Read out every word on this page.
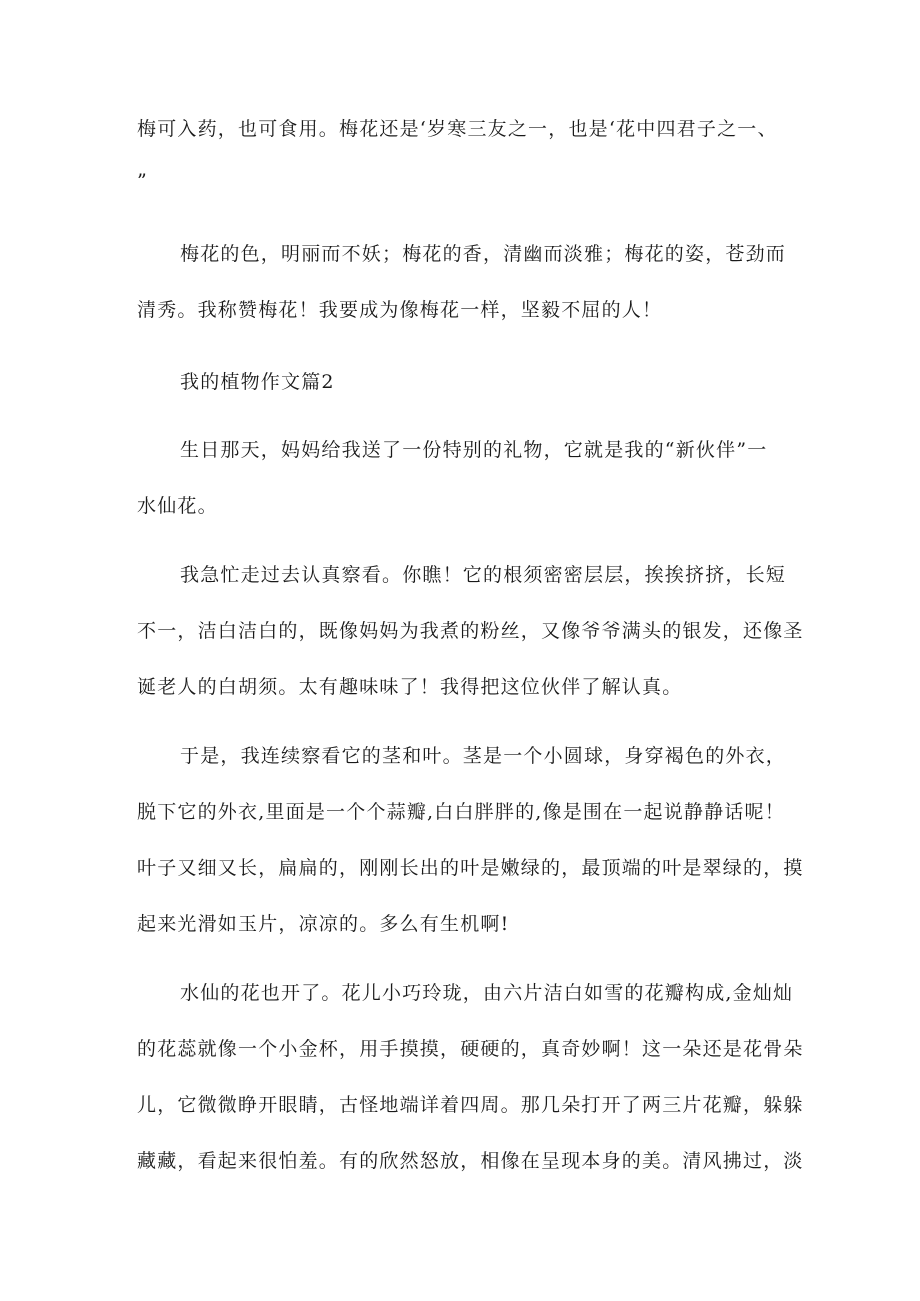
梅可入药，也可食用。梅花还是‘岁寒三友之一，也是‘花中四君子之一、
”
梅花的色，明丽而不妖；梅花的香，清幽而淡雅；梅花的姿，苍劲而
清秀。我称赞梅花！我要成为像梅花一样，坚毅不屈的人！
我的植物作文篇2
生日那天，妈妈给我送了一份特别的礼物，它就是我的“新伙伴”一
水仙花。
我急忙走过去认真察看。你瞧！它的根须密密层层，挨挨挤挤，长短
不一，洁白洁白的，既像妈妈为我煮的粉丝，又像爷爷满头的银发，还像圣
诞老人的白胡须。太有趣味味了！我得把这位伙伴了解认真。
于是，我连续察看它的茎和叶。茎是一个小圆球，身穿褐色的外衣，
脱下它的外衣,里面是一个个蒜瓣,白白胖胖的,像是围在一起说静静话呢！
叶子又细又长，扁扁的，刚刚长出的叶是嫩绿的，最顶端的叶是翠绿的，摸
起来光滑如玉片，凉凉的。多么有生机啊!
水仙的花也开了。花儿小巧玲珑，由六片洁白如雪的花瓣构成,金灿灿
的花蕊就像一个小金杯，用手摸摸，硬硬的，真奇妙啊！这一朵还是花骨朵
儿，它微微睁开眼睛，古怪地端详着四周。那几朵打开了两三片花瓣，躲躲
藏藏，看起来很怕羞。有的欣然怒放，相像在呈现本身的美。清风拂过，淡
